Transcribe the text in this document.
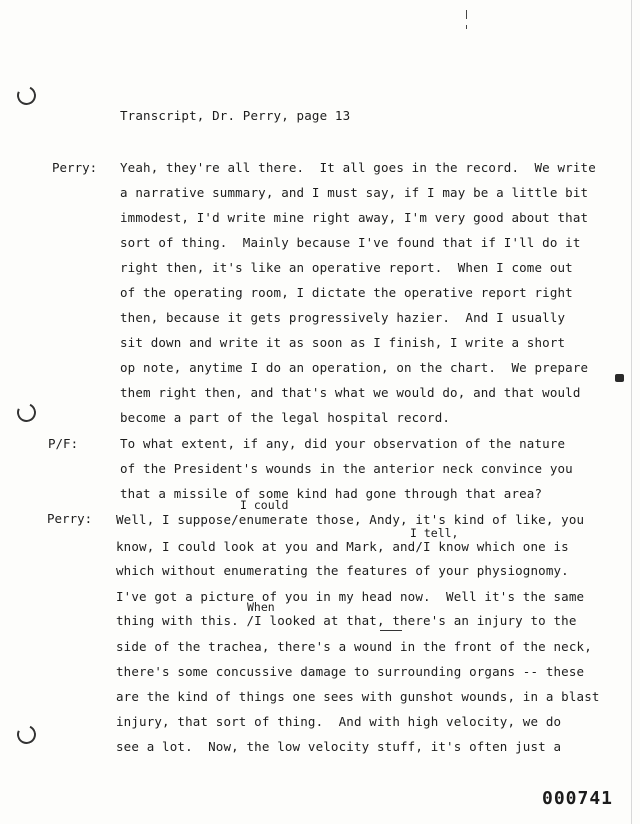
Transcript, Dr. Perry, page 13
Perry: Yeah, they're all there.  It all goes in the record.  We write
a narrative summary, and I must say, if I may be a little bit
immodest, I'd write mine right away, I'm very good about that
sort of thing.  Mainly because I've found that if I'll do it
right then, it's like an operative report.  When I come out
of the operating room, I dictate the operative report right
then, because it gets progressively hazier.  And I usually
sit down and write it as soon as I finish, I write a short
op note, anytime I do an operation, on the chart.  We prepare
them right then, and that's what we would do, and that would
become a part of the legal hospital record.
P/F:	To what extent, if any, did your observation of the nature
of the President's wounds in the anterior neck convince you
that a missile of some kind had gone through that area?
I could
I tell,
When
Perry: Well, I suppose/enumerate those, Andy, it's kind of like, you
know, I could look at you and Mark, and/I know which one is
which without enumerating the features of your physiognomy.
I've got a picture of you in my head now.  Well it's the same
thing with this. /I looked at that, there's an injury to the
side of the trachea, there's a wound in the front of the neck,
there's some concussive damage to surrounding organs -- these
are the kind of things one sees with gunshot wounds, in a blast
injury, that sort of thing.  And with high velocity, we do
see a lot.  Now, the low velocity stuff, it's often just a
000741
